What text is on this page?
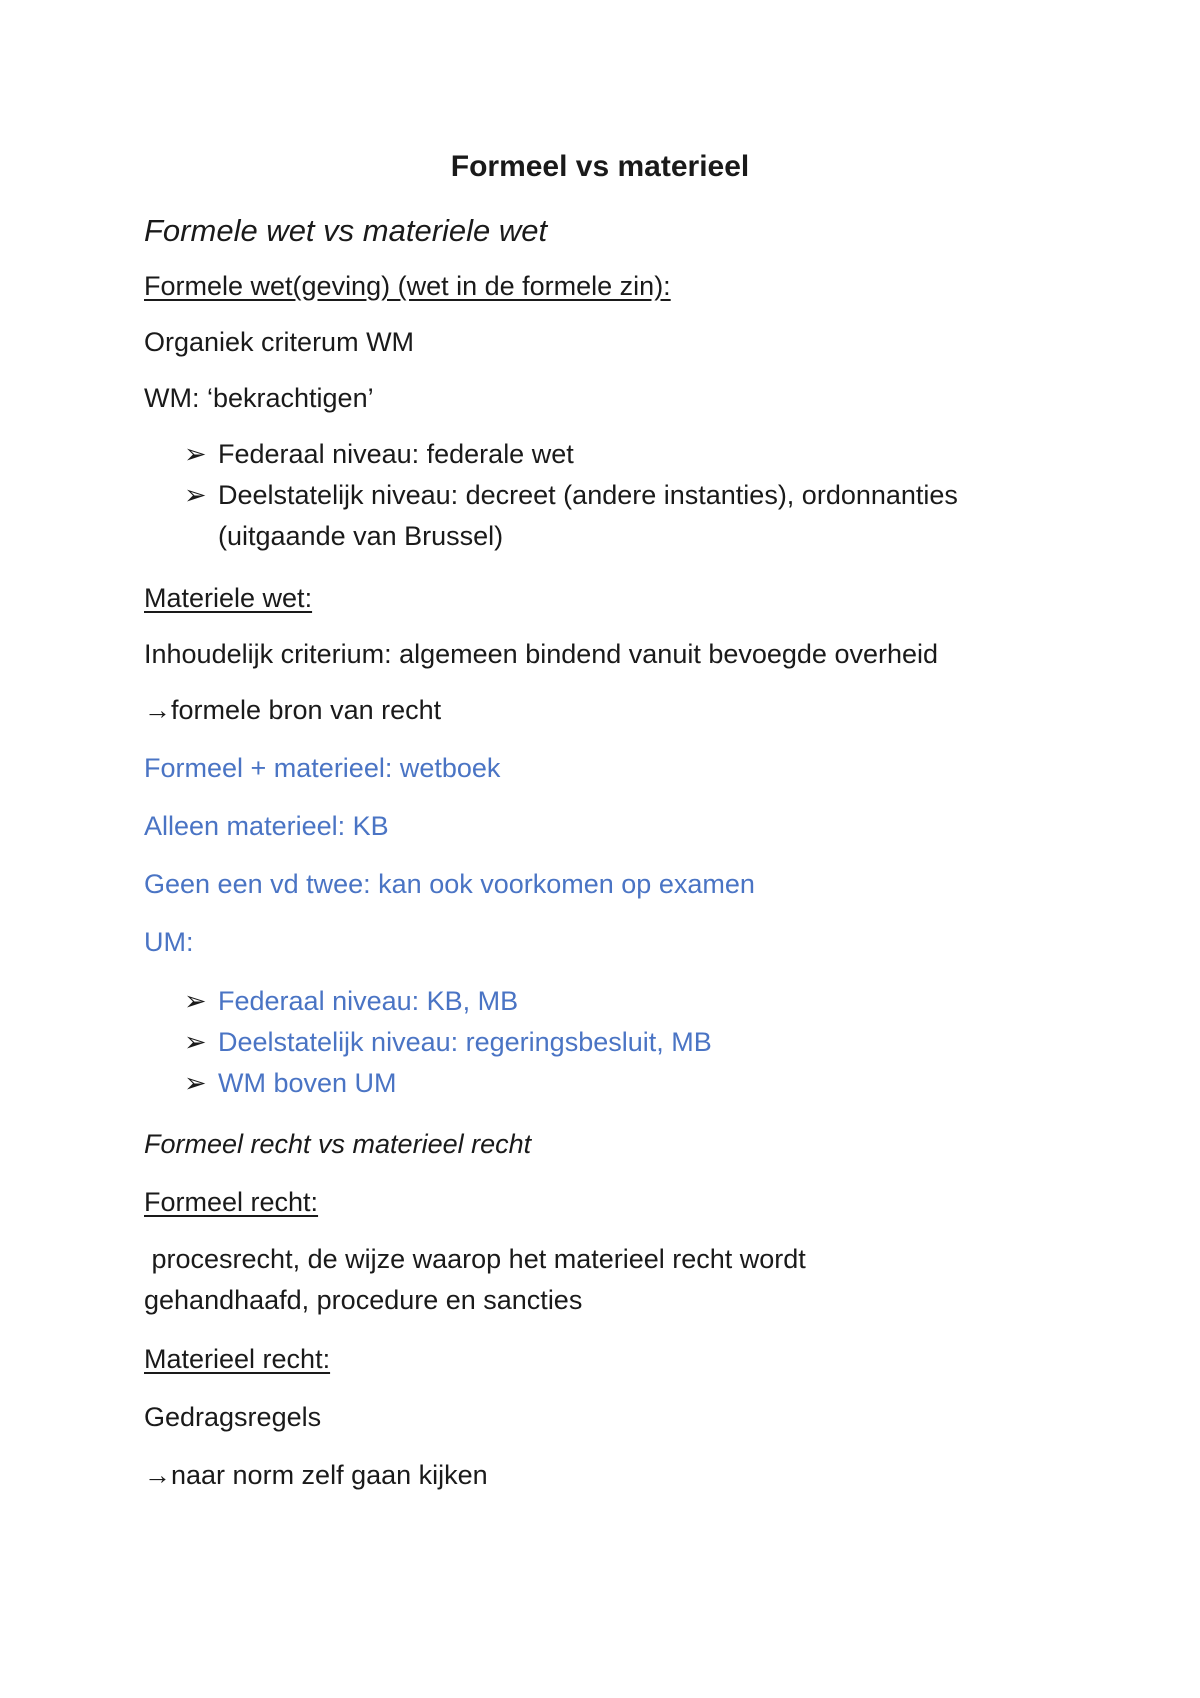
Formeel vs materieel
Formele wet vs materiele wet
Formele wet(geving) (wet in de formele zin):
Organiek criterum WM
WM: ‘bekrachtigen’
➢ Federaal niveau: federale wet
➢ Deelstatelijk niveau: decreet (andere instanties), ordonnanties
(uitgaande van Brussel)
Materiele wet:
Inhoudelijk criterium: algemeen bindend vanuit bevoegde overheid
→formele bron van recht
Formeel + materieel: wetboek
Alleen materieel: KB
Geen een vd twee: kan ook voorkomen op examen
UM:
➢ Federaal niveau: KB, MB
➢ Deelstatelijk niveau: regeringsbesluit, MB
➢ WM boven UM
Formeel recht vs materieel recht
Formeel recht:
procesrecht, de wijze waarop het materieel recht wordt
gehandhaafd, procedure en sancties
Materieel recht:
Gedragsregels
→naar norm zelf gaan kijken
